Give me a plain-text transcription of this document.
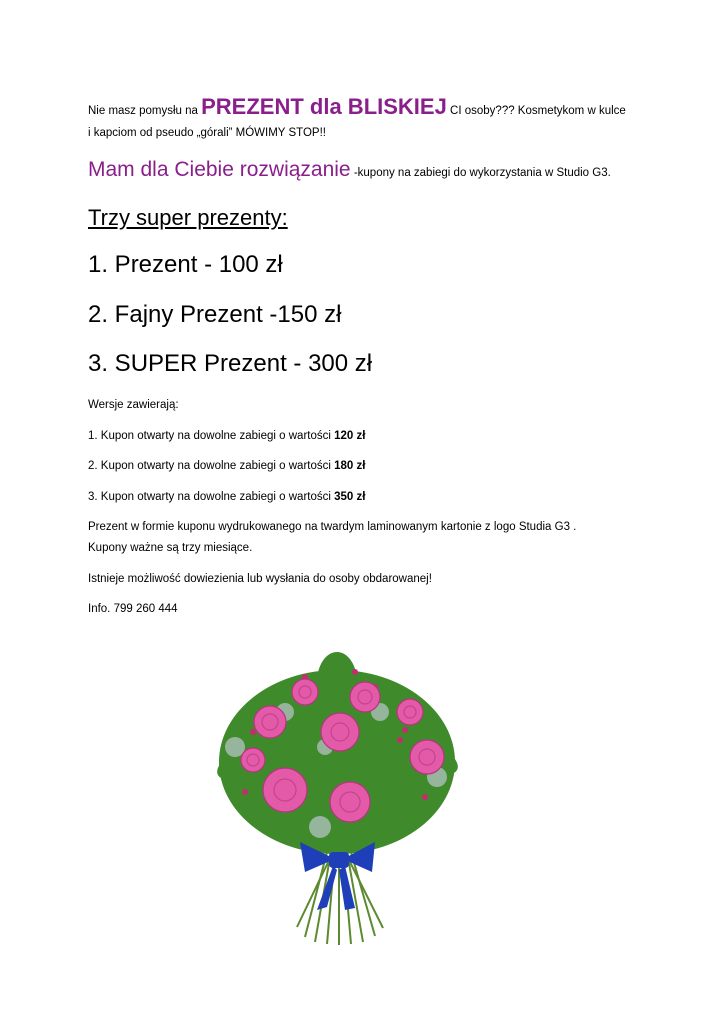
Nie masz pomysłu na PREZENT dla BLISKIEJ CI osoby??? Kosmetykom w kulce
i kapciom od pseudo „górali” MÓWIMY STOP!!
Mam dla Ciebie rozwiązanie -kupony na zabiegi do wykorzystania w Studio G3.
Trzy super prezenty:
1. Prezent - 100 zł
2. Fajny Prezent -150 zł
3. SUPER Prezent - 300 zł
Wersje zawierają:
1. Kupon otwarty na dowolne zabiegi o wartości 120 zł
2. Kupon otwarty na dowolne zabiegi o wartości 180 zł
3. Kupon otwarty na dowolne zabiegi o wartości 350 zł
Prezent w formie kuponu wydrukowanego na twardym laminowanym kartonie z logo Studia G3 .
Kupony ważne są trzy miesiące.
Istnieje możliwość dowiezienia lub wysłania do osoby obdarowanej!
Info. 799 260 444
